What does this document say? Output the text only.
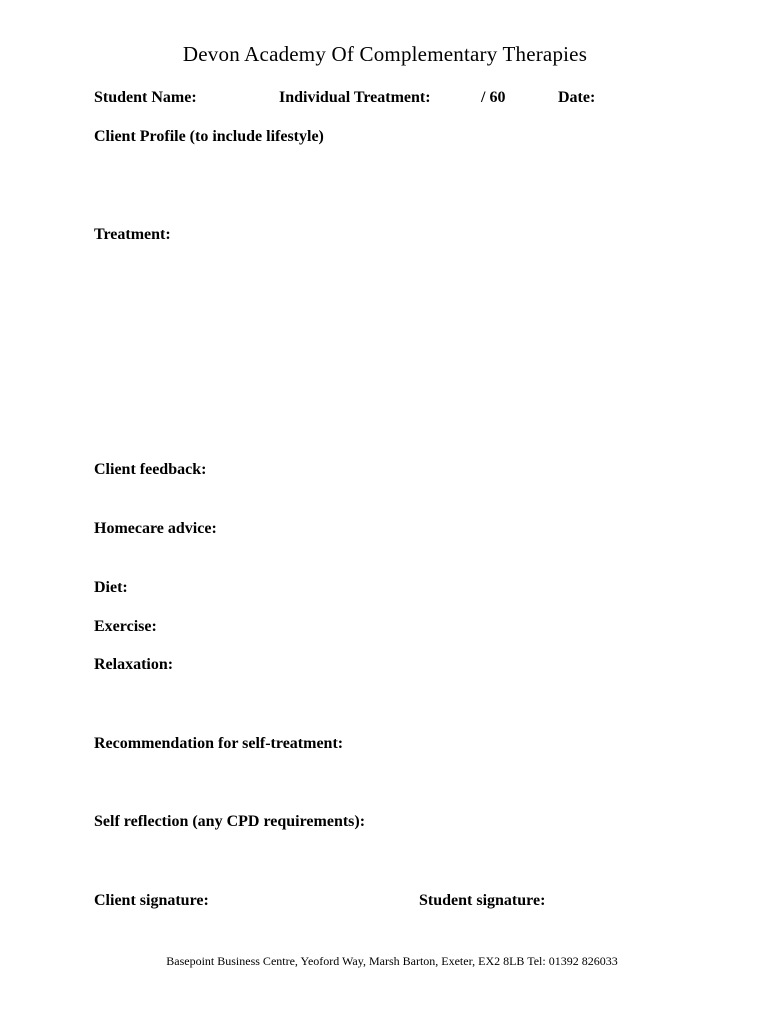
Devon Academy Of Complementary Therapies
Student Name:	Individual Treatment:	/ 60	Date:
Client Profile (to include lifestyle)
Treatment:
Client feedback:
Homecare advice:
Diet:
Exercise:
Relaxation:
Recommendation for self-treatment:
Self reflection (any CPD requirements):
Client signature:	Student signature:
Basepoint Business Centre, Yeoford Way, Marsh Barton, Exeter, EX2 8LB Tel: 01392 826033
